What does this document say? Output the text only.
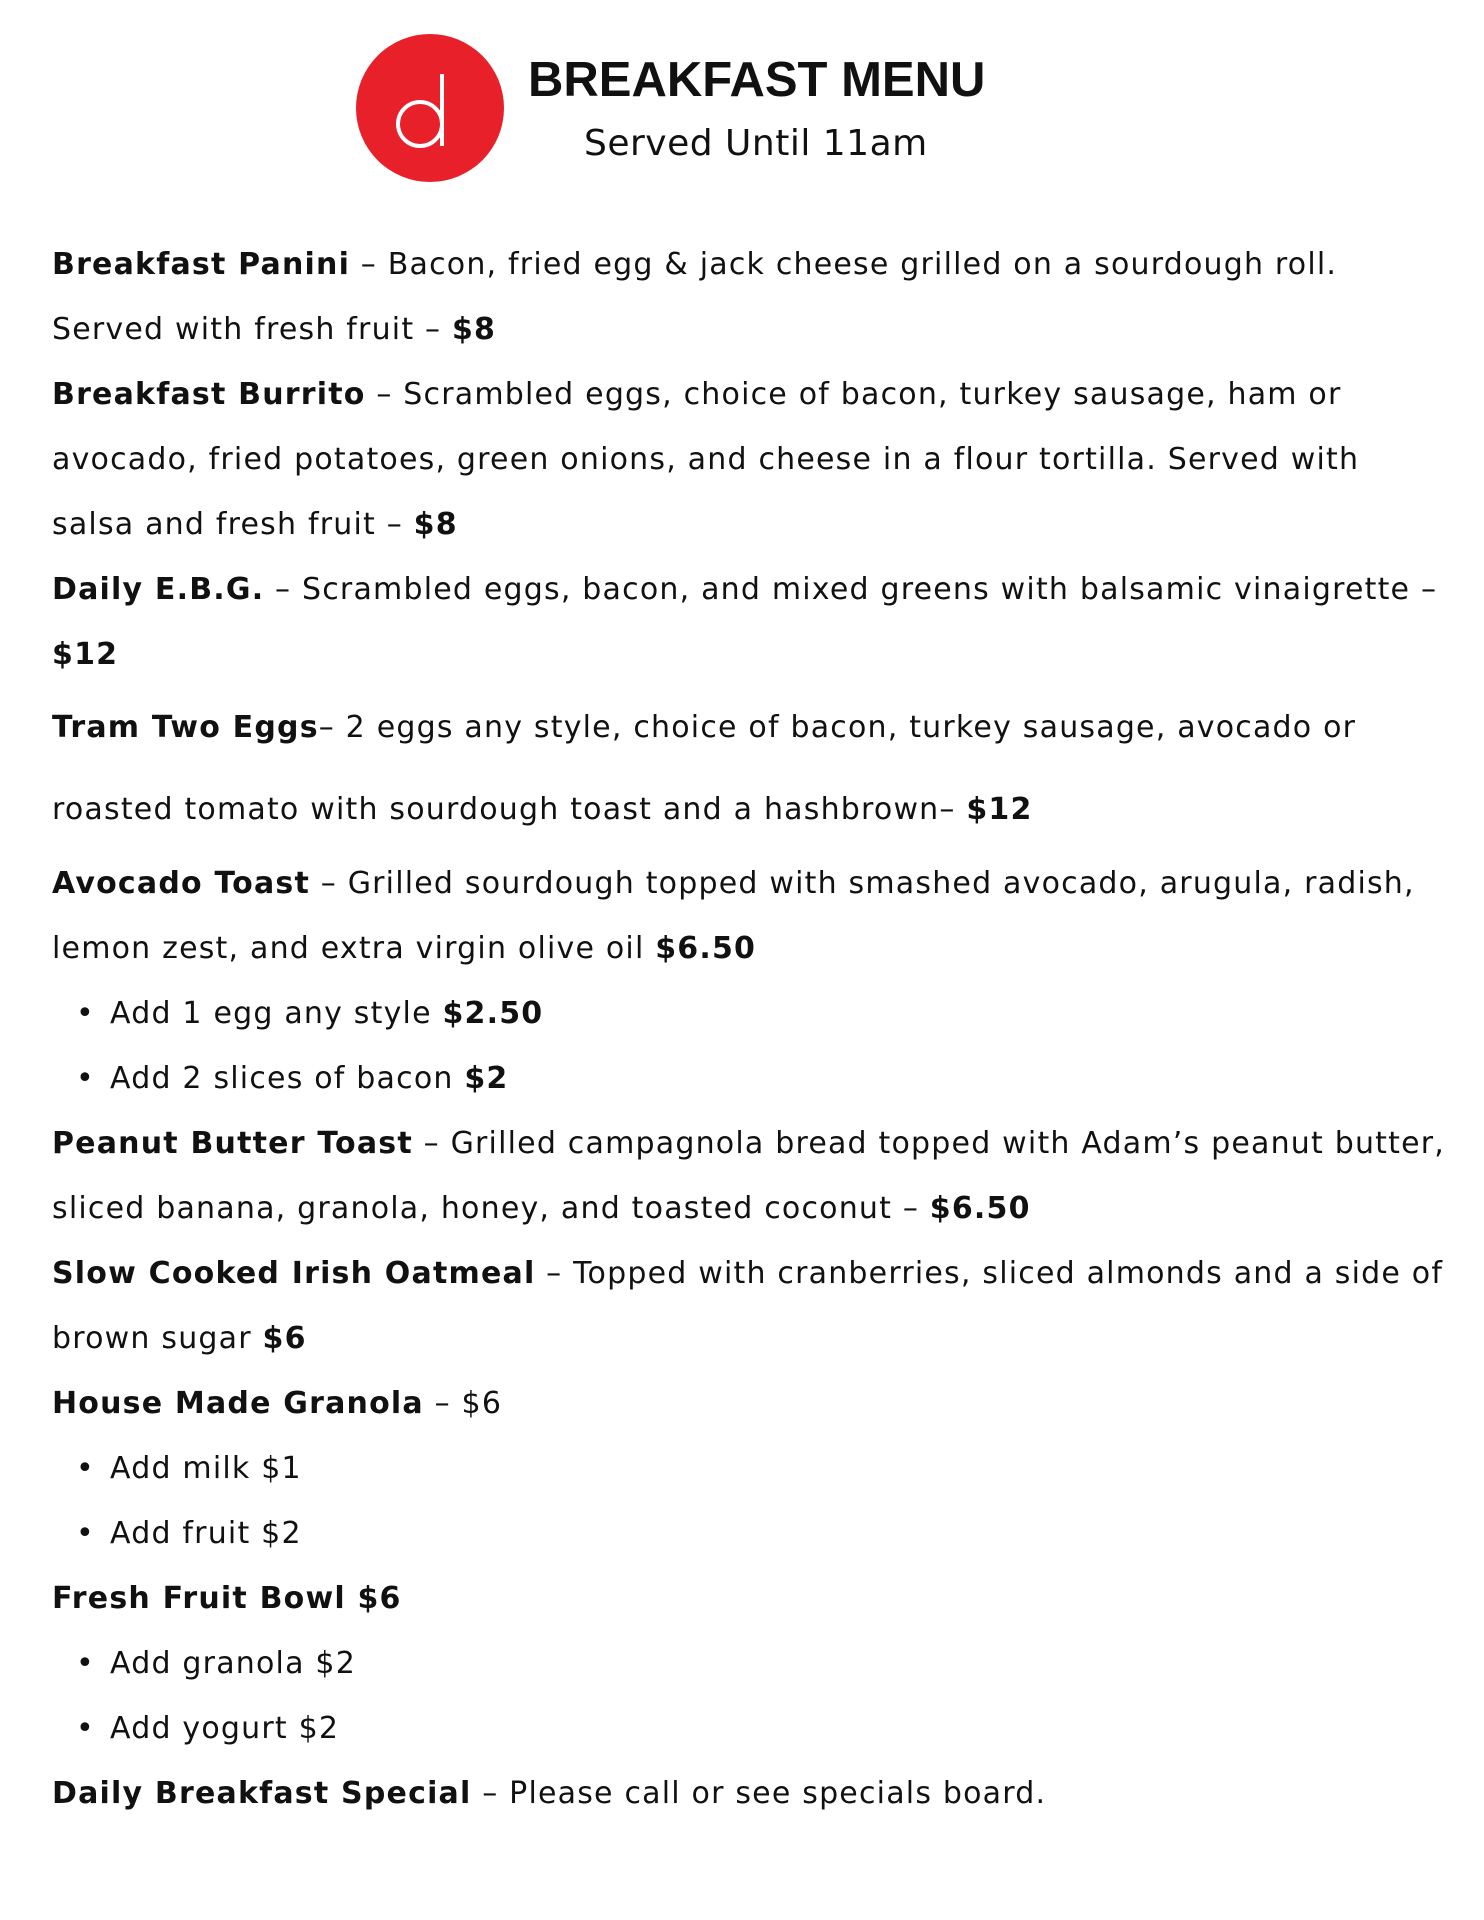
BREAKFAST MENU
Served Until 11am
Breakfast Panini – Bacon, fried egg & jack cheese grilled on a sourdough roll. Served with fresh fruit – $8
Breakfast Burrito – Scrambled eggs, choice of bacon, turkey sausage, ham or avocado, fried potatoes, green onions, and cheese in a flour tortilla. Served with salsa and fresh fruit – $8
Daily E.B.G. – Scrambled eggs, bacon, and mixed greens with balsamic vinaigrette – $12
Tram Two Eggs– 2 eggs any style, choice of bacon, turkey sausage, avocado or roasted tomato with sourdough toast and a hashbrown– $12
Avocado Toast – Grilled sourdough topped with smashed avocado, arugula, radish, lemon zest, and extra virgin olive oil $6.50
• Add 1 egg any style $2.50
• Add 2 slices of bacon $2
Peanut Butter Toast – Grilled campagnola bread topped with Adam’s peanut butter, sliced banana, granola, honey, and toasted coconut – $6.50
Slow Cooked Irish Oatmeal – Topped with cranberries, sliced almonds and a side of brown sugar $6
House Made Granola – $6
• Add milk $1
• Add fruit $2
Fresh Fruit Bowl $6
• Add granola $2
• Add yogurt $2
Daily Breakfast Special – Please call or see specials board.
